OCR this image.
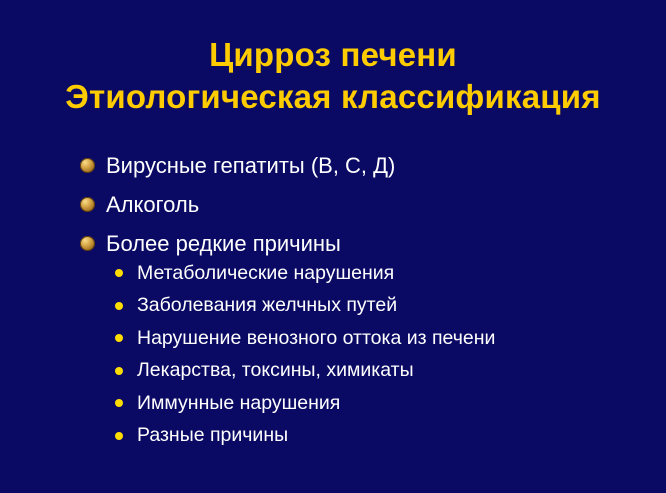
Цирроз печени
Этиологическая классификация
Вирусные гепатиты (В, С, Д)
Алкоголь
Более редкие причины
Метаболические нарушения
Заболевания желчных путей
Нарушение венозного оттока из печени
Лекарства, токсины, химикаты
Иммунные нарушения
Разные причины
